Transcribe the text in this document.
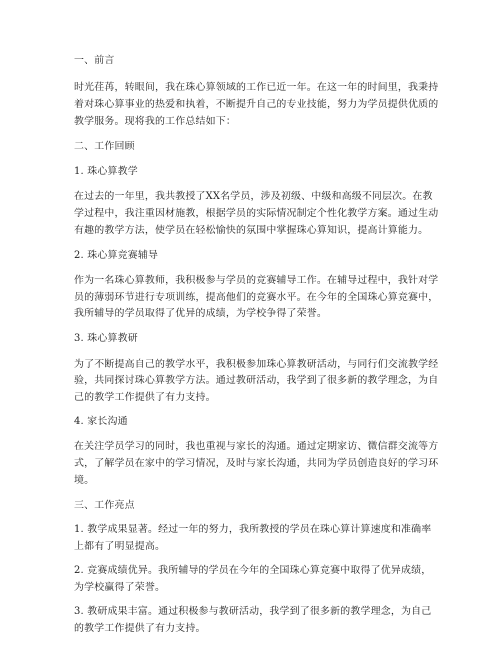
一、前言
时光荏苒，转眼间，我在珠心算领域的工作已近一年。在这一年的时间里，我秉持
着对珠心算事业的热爱和执着，不断提升自己的专业技能，努力为学员提供优质的
教学服务。现将我的工作总结如下：
二、工作回顾
1. 珠心算教学
在过去的一年里，我共教授了XX名学员，涉及初级、中级和高级不同层次。在教
学过程中，我注重因材施教，根据学员的实际情况制定个性化教学方案。通过生动
有趣的教学方法，使学员在轻松愉快的氛围中掌握珠心算知识，提高计算能力。
2. 珠心算竞赛辅导
作为一名珠心算教师，我积极参与学员的竞赛辅导工作。在辅导过程中，我针对学
员的薄弱环节进行专项训练，提高他们的竞赛水平。在今年的全国珠心算竞赛中，
我所辅导的学员取得了优异的成绩，为学校争得了荣誉。
3. 珠心算教研
为了不断提高自己的教学水平，我积极参加珠心算教研活动，与同行们交流教学经
验，共同探讨珠心算教学方法。通过教研活动，我学到了很多新的教学理念，为自
己的教学工作提供了有力支持。
4. 家长沟通
在关注学员学习的同时，我也重视与家长的沟通。通过定期家访、微信群交流等方
式，了解学员在家中的学习情况，及时与家长沟通，共同为学员创造良好的学习环
境。
三、工作亮点
1. 教学成果显著。经过一年的努力，我所教授的学员在珠心算计算速度和准确率
上都有了明显提高。
2. 竞赛成绩优异。我所辅导的学员在今年的全国珠心算竞赛中取得了优异成绩，
为学校赢得了荣誉。
3. 教研成果丰富。通过积极参与教研活动，我学到了很多新的教学理念，为自己
的教学工作提供了有力支持。
